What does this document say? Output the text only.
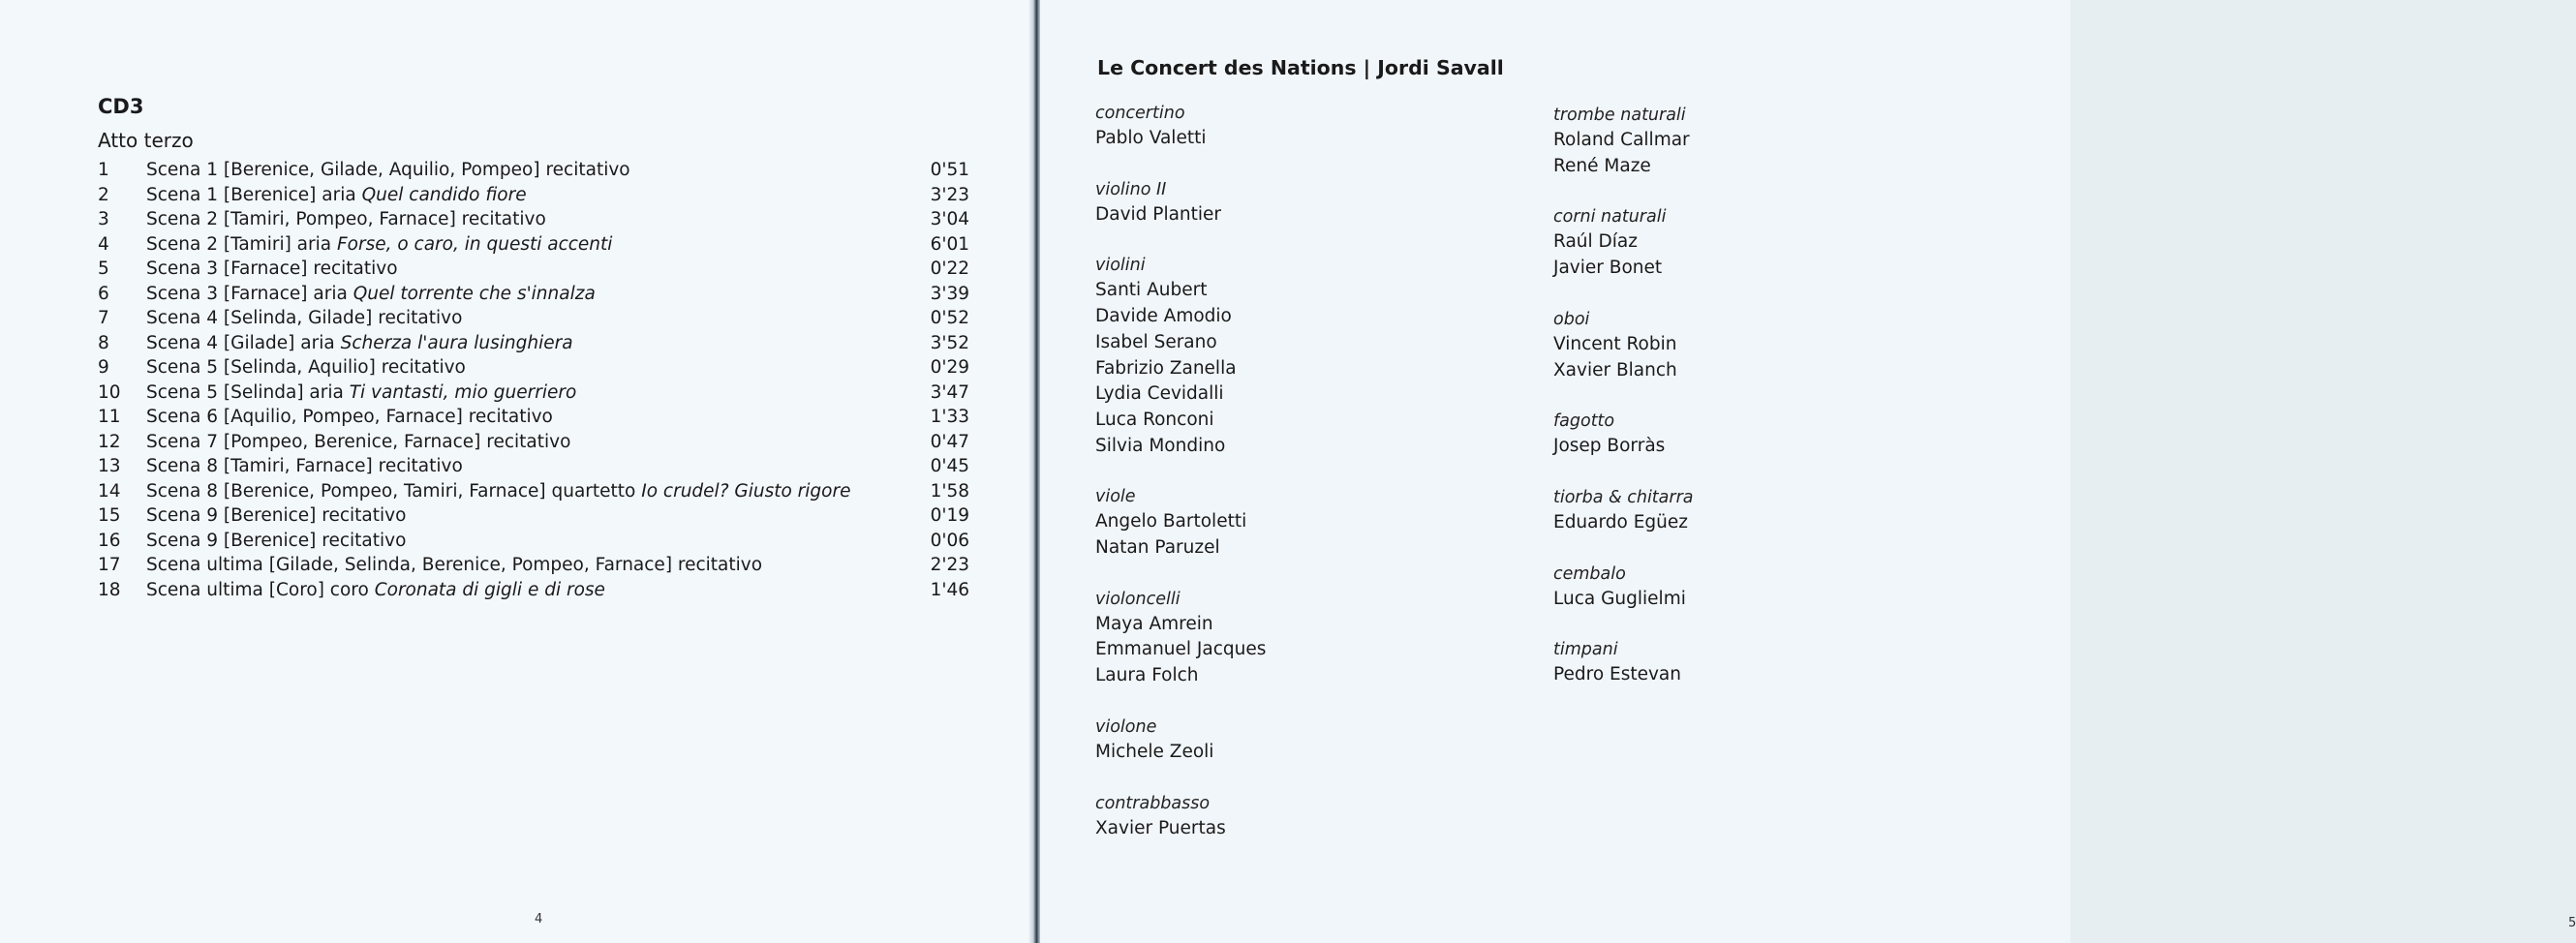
CD3
Atto terzo
1	Scena 1 [Berenice, Gilade, Aquilio, Pompeo] recitativo	0'51
2	Scena 1 [Berenice] aria Quel candido fiore	3'23
3	Scena 2 [Tamiri, Pompeo, Farnace] recitativo	3'04
4	Scena 2 [Tamiri] aria Forse, o caro, in questi accenti	6'01
5	Scena 3 [Farnace] recitativo	0'22
6	Scena 3 [Farnace] aria Quel torrente che s'innalza	3'39
7	Scena 4 [Selinda, Gilade] recitativo	0'52
8	Scena 4 [Gilade] aria Scherza l'aura lusinghiera	3'52
9	Scena 5 [Selinda, Aquilio] recitativo	0'29
10	Scena 5 [Selinda] aria Ti vantasti, mio guerriero	3'47
11	Scena 6 [Aquilio, Pompeo, Farnace] recitativo	1'33
12	Scena 7 [Pompeo, Berenice, Farnace] recitativo	0'47
13	Scena 8 [Tamiri, Farnace] recitativo	0'45
14	Scena 8 [Berenice, Pompeo, Tamiri, Farnace] quartetto Io crudel? Giusto rigore	1'58
15	Scena 9 [Berenice] recitativo	0'19
16	Scena 9 [Berenice] recitativo	0'06
17	Scena ultima [Gilade, Selinda, Berenice, Pompeo, Farnace] recitativo	2'23
18	Scena ultima [Coro] coro Coronata di gigli e di rose	1'46
4	5
Le Concert des Nations | Jordi Savall
concertino
Pablo Valetti
violino II
David Plantier
violini
Santi Aubert
Davide Amodio
Isabel Serano
Fabrizio Zanella
Lydia Cevidalli
Luca Ronconi
Silvia Mondino
viole
Angelo Bartoletti
Natan Paruzel
violoncelli
Maya Amrein
Emmanuel Jacques
Laura Folch
violone
Michele Zeoli
contrabbasso
Xavier Puertas
trombe naturali
Roland Callmar
René Maze
corni naturali
Raúl Díaz
Javier Bonet
oboi
Vincent Robin
Xavier Blanch
fagotto
Josep Borràs
tiorba & chitarra
Eduardo Egüez
cembalo
Luca Guglielmi
timpani
Pedro Estevan
